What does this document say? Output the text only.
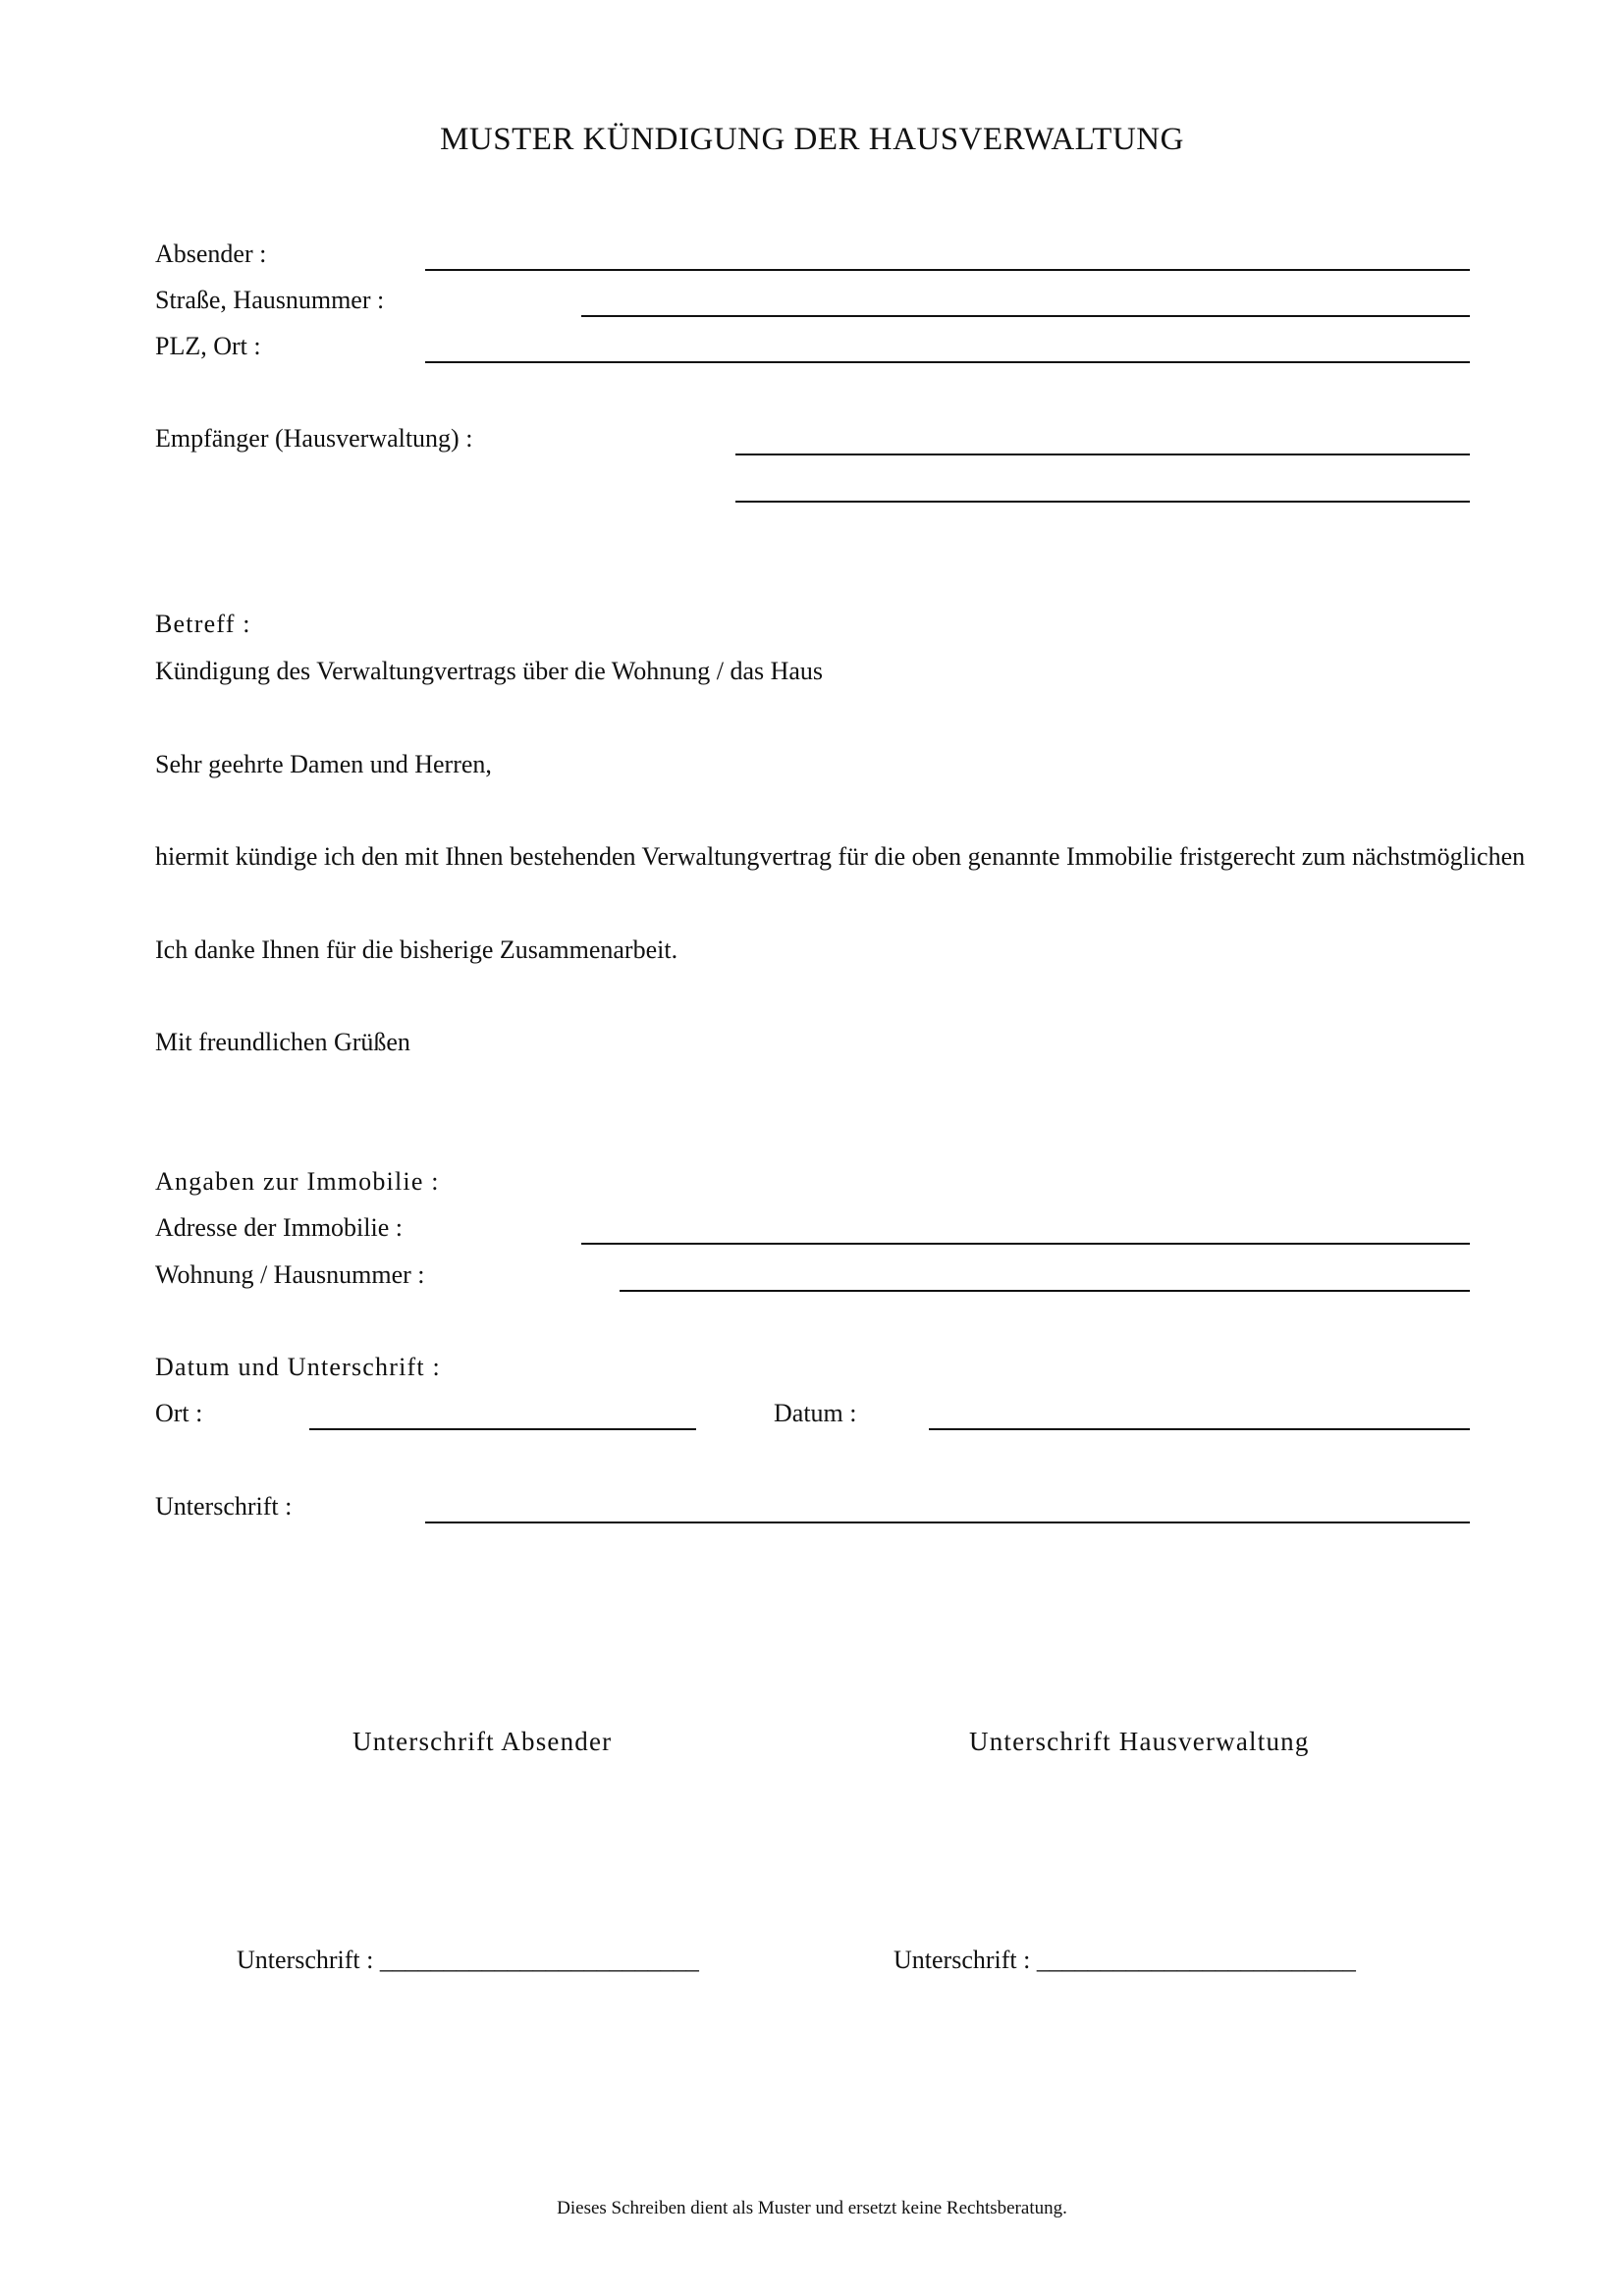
MUSTER KÜNDIGUNG DER HAUSVERWALTUNG
Absender :
Straße, Hausnummer :
PLZ, Ort :
Empfänger (Hausverwaltung) :
Betreff :
Kündigung des Verwaltungvertrags über die Wohnung / das Haus
Sehr geehrte Damen und Herren,
hiermit kündige ich den mit Ihnen bestehenden Verwaltungvertrag für die oben genannte Immobilie fristgerecht zum nächstmöglichen
Ich danke Ihnen für die bisherige Zusammenarbeit.
Mit freundlichen Grüßen
Angaben zur Immobilie :
Adresse der Immobilie :
Wohnung / Hausnummer :
Datum und Unterschrift :
Ort :	Datum :
Unterschrift :
Unterschrift Absender	Unterschrift Hausverwaltung
Unterschrift : _________________________	Unterschrift : _________________________
Dieses Schreiben dient als Muster und ersetzt keine Rechtsberatung.
